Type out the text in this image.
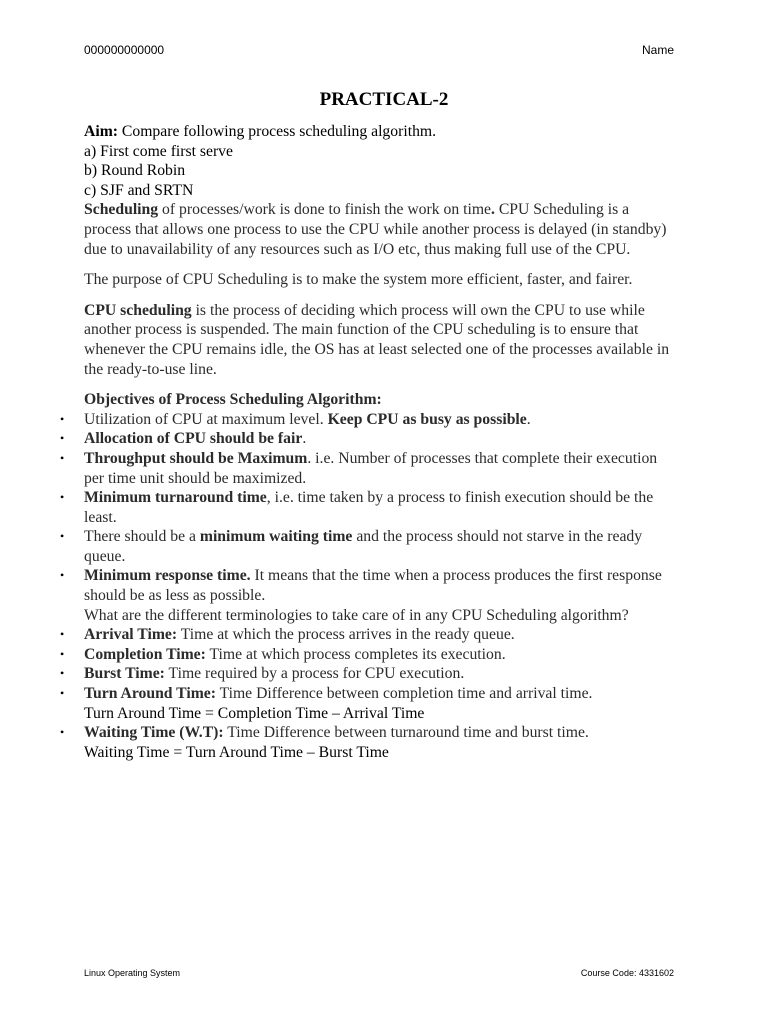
000000000000	Name
PRACTICAL-2

Aim: Compare following process scheduling algorithm.

a) First come first serve

b) Round Robin

c) SJF and SRTN

Scheduling of processes/work is done to finish the work on time. CPU Scheduling is a process that allows one process to use the CPU while another process is delayed (in standby) due to unavailability of any resources such as I/O etc, thus making full use of the CPU.

The purpose of CPU Scheduling is to make the system more efficient, faster, and fairer.

CPU scheduling is the process of deciding which process will own the CPU to use while another process is suspended. The main function of the CPU scheduling is to ensure that whenever the CPU remains idle, the OS has at least selected one of the processes available in the ready-to-use line.

Objectives of Process Scheduling Algorithm:

• Utilization of CPU at maximum level. Keep CPU as busy as possible.
• Allocation of CPU should be fair.
• Throughput should be Maximum. i.e. Number of processes that complete their execution per time unit should be maximized.
• Minimum turnaround time, i.e. time taken by a process to finish execution should be the least.
• There should be a minimum waiting time and the process should not starve in the ready queue.
• Minimum response time. It means that the time when a process produces the first response should be as less as possible.

What are the different terminologies to take care of in any CPU Scheduling algorithm?

• Arrival Time: Time at which the process arrives in the ready queue.
• Completion Time: Time at which process completes its execution.
• Burst Time: Time required by a process for CPU execution.
• Turn Around Time: Time Difference between completion time and arrival time.

Turn Around Time = Completion Time – Arrival Time

• Waiting Time (W.T): Time Difference between turnaround time and burst time.

Waiting Time = Turn Around Time – Burst Time

Linux Operating System	Course Code: 4331602
